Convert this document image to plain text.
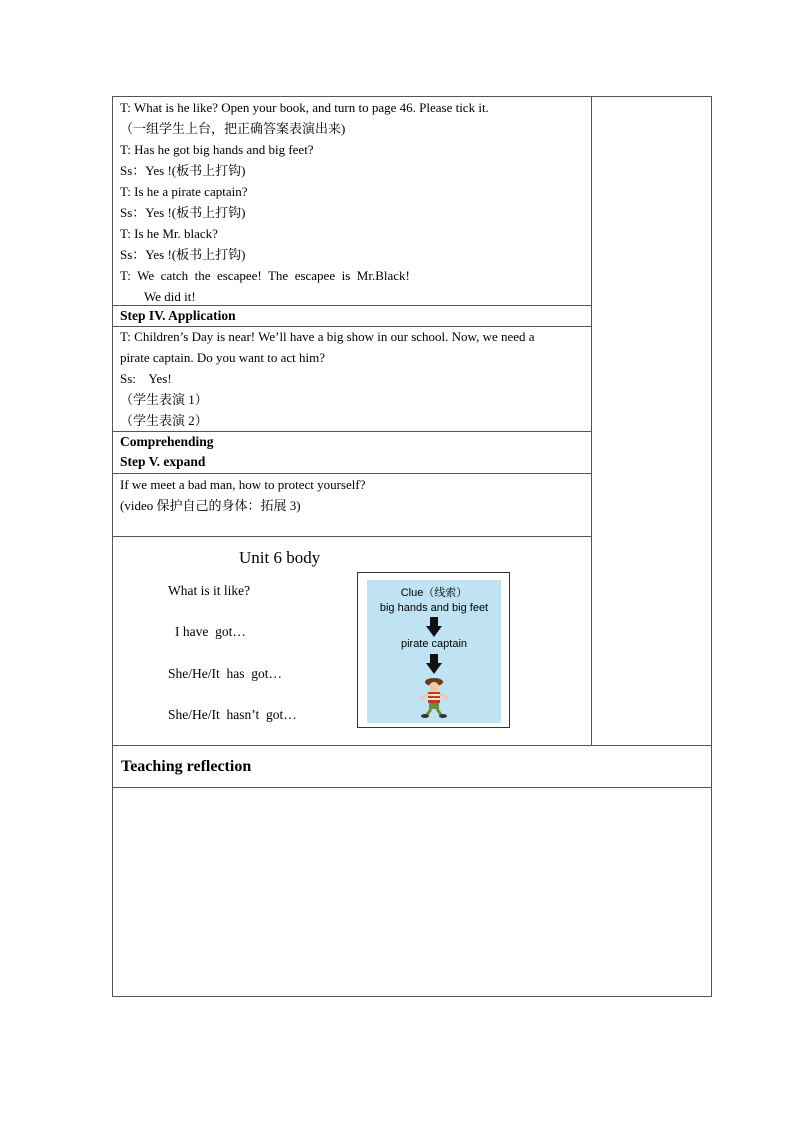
T: What is he like? Open your book, and turn to page 46. Please tick it.
（一组学生上台，把正确答案表演出来)
T: Has he got big hands and big feet?
Ss：Yes !(板书上打钩)
T: Is he a pirate captain?
Ss：Yes !(板书上打钩)
T: Is he Mr. black?
Ss：Yes !(板书上打钩)
T:  We  catch  the  escapee!  The  escapee  is  Mr.Black!
We did it!
Step IV. Application
T: Children’s Day is near! We’ll have a big show in our school. Now, we need a
pirate captain. Do you want to act him?
Ss:    Yes!
（学生表演 1）
（学生表演 2）
Comprehending
Step V. expand
If we meet a bad man, how to protect yourself?
(video 保护自己的身体：拓展 3)
Unit 6 body
What is it like?
I have  got…
She/He/It  has  got…
She/He/It  hasn’t  got…
Clue（线索）
big hands and big feet
pirate captain
Teaching reflection
